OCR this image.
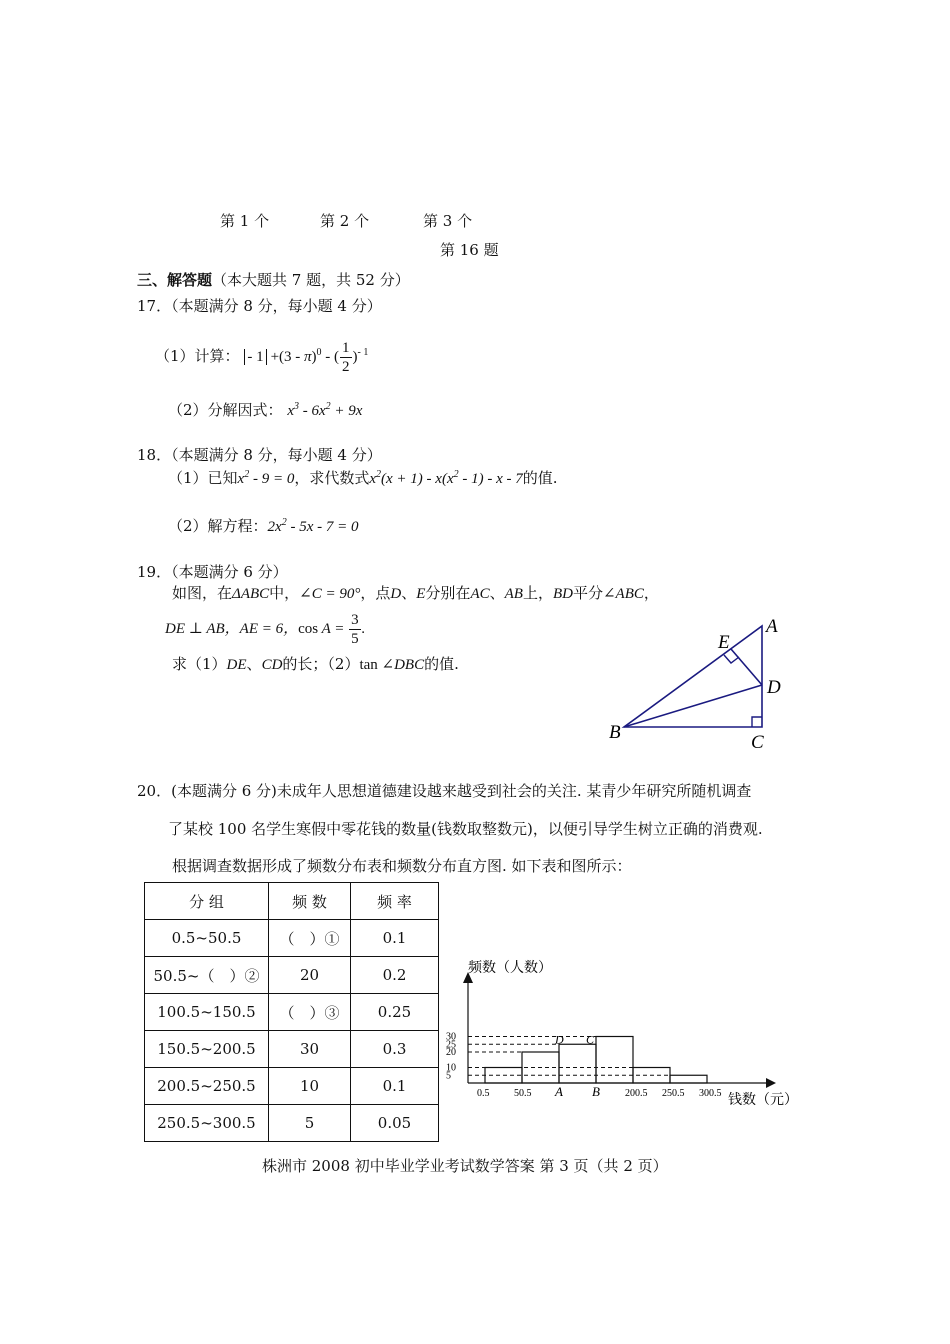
第 1 个	第 2 个	第 3 个
第 16 题
三、解答题（本大题共 7 题，共 52 分）
17．（本题满分 8 分，每小题 4 分）
（1）计算： - 1 +(3 - π)$^0$ - ( $\frac{1}{2} )^{- 1}$
（2）分解因式： $x^3 - 6x^2 + 9x$
18．（本题满分 8 分，每小题 4 分）
（1）已知$x^2 - 9 = 0$，求代数式$x^2(x + 1) - x(x^2 - 1) - x - 7$的值.
（2）解方程：$2x^2 - 5x - 7 = 0$
19．（本题满分 6 分）
如图，在ΔABC中，∠C = 90°，点D、E分别在AC、AB上，BD平分∠ABC，
DE ⊥ AB，AE = 6，$\cos A = \frac{3}{5}$ .
求（1）DE、CD的长；（2）tan ∠DBC的值.
A
B	C
D
E
20．(本题满分 6 分)未成年人思想道德建设越来越受到社会的关注. 某青少年研究所随机调查
了某校 100 名学生寒假中零花钱的数量(钱数取整数元)，以便引导学生树立正确的消费观.
根据调查数据形成了频数分布表和频数分布直方图. 如下表和图所示：
分 组	频 数	频 率
0.5~50.5	（　）①	0.1
50.5~（　）②	20	0.2
100.5~150.5	（　）③	0.25
150.5~200.5	30	0.3
200.5~250.5	10	0.1
250.5~300.5	5	0.05
频数（人数）
钱数（元）
5
10
20
25
30
0.5 50.5 A B	200.5 250.5 300.5
D C
株洲市 2008 初中毕业学业考试数学答案 第 3 页（共 2 页）
